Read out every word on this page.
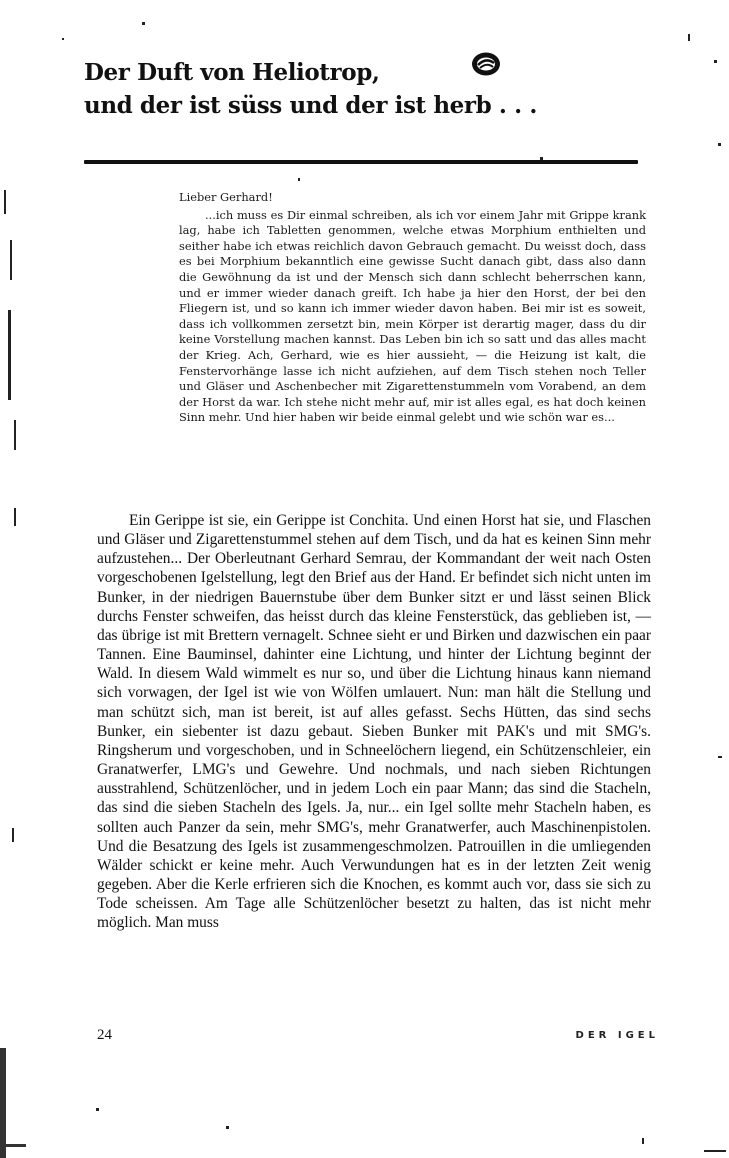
Der Duft von Heliotrop,
und der ist süss und der ist herb . . .
Lieber Gerhard!

...ich muss es Dir einmal schreiben, als ich vor einem Jahr mit Grippe krank lag, habe ich Tabletten genommen, welche etwas Morphium enthielten und seither habe ich etwas reichlich davon Gebrauch gemacht. Du weisst doch, dass es bei Morphium bekanntlich eine gewisse Sucht danach gibt, dass also dann die Gewöhnung da ist und der Mensch sich dann schlecht beherrschen kann, und er immer wieder danach greift. Ich habe ja hier den Horst, der bei den Fliegern ist, und so kann ich immer wieder davon haben. Bei mir ist es soweit, dass ich vollkommen zersetzt bin, mein Körper ist derartig mager, dass du dir keine Vorstellung machen kannst. Das Leben bin ich so satt und das alles macht der Krieg. Ach, Gerhard, wie es hier aussieht, — die Heizung ist kalt, die Fenstervorhänge lasse ich nicht aufziehen, auf dem Tisch stehen noch Teller und Gläser und Aschenbecher mit Zigarettenstummeln vom Vorabend, an dem der Horst da war. Ich stehe nicht mehr auf, mir ist alles egal, es hat doch keinen Sinn mehr. Und hier haben wir beide einmal gelebt und wie schön war es...

Ein Gerippe ist sie, ein Gerippe ist Conchita. Und einen Horst hat sie, und Flaschen und Gläser und Zigarettenstummel stehen auf dem Tisch, und da hat es keinen Sinn mehr aufzustehen... Der Oberleutnant Gerhard Semrau, der Kommandant der weit nach Osten vorgeschobenen Igelstellung, legt den Brief aus der Hand. Er befindet sich nicht unten im Bunker, in der niedrigen Bauernstube über dem Bunker sitzt er und lässt seinen Blick durchs Fenster schweifen, das heisst durch das kleine Fensterstück, das geblieben ist, — das übrige ist mit Brettern vernagelt. Schnee sieht er und Birken und dazwischen ein paar Tannen. Eine Bauminsel, dahinter eine Lichtung, und hinter der Lichtung beginnt der Wald. In diesem Wald wimmelt es nur so, und über die Lichtung hinaus kann niemand sich vorwagen, der Igel ist wie von Wölfen umlauert. Nun: man hält die Stellung und man schützt sich, man ist bereit, ist auf alles gefasst. Sechs Hütten, das sind sechs Bunker, ein siebenter ist dazu gebaut. Sieben Bunker mit PAK's und mit SMG's. Ringsherum und vorgeschoben, und in Schneelöchern liegend, ein Schützenschleier, ein Granatwerfer, LMG's und Gewehre. Und nochmals, und nach sieben Richtungen ausstrahlend, Schützenlöcher, und in jedem Loch ein paar Mann; das sind die Stacheln, das sind die sieben Stacheln des Igels. Ja, nur... ein Igel sollte mehr Stacheln haben, es sollten auch Panzer da sein, mehr SMG's, mehr Granatwerfer, auch Maschinenpistolen. Und die Besatzung des Igels ist zusammengeschmolzen. Patrouillen in die umliegenden Wälder schickt er keine mehr. Auch Verwundungen hat es in der letzten Zeit wenig gegeben. Aber die Kerle erfrieren sich die Knochen, es kommt auch vor, dass sie sich zu Tode scheissen. Am Tage alle Schützenlöcher besetzt zu halten, das ist nicht mehr möglich. Man muss

24	DER IGEL
